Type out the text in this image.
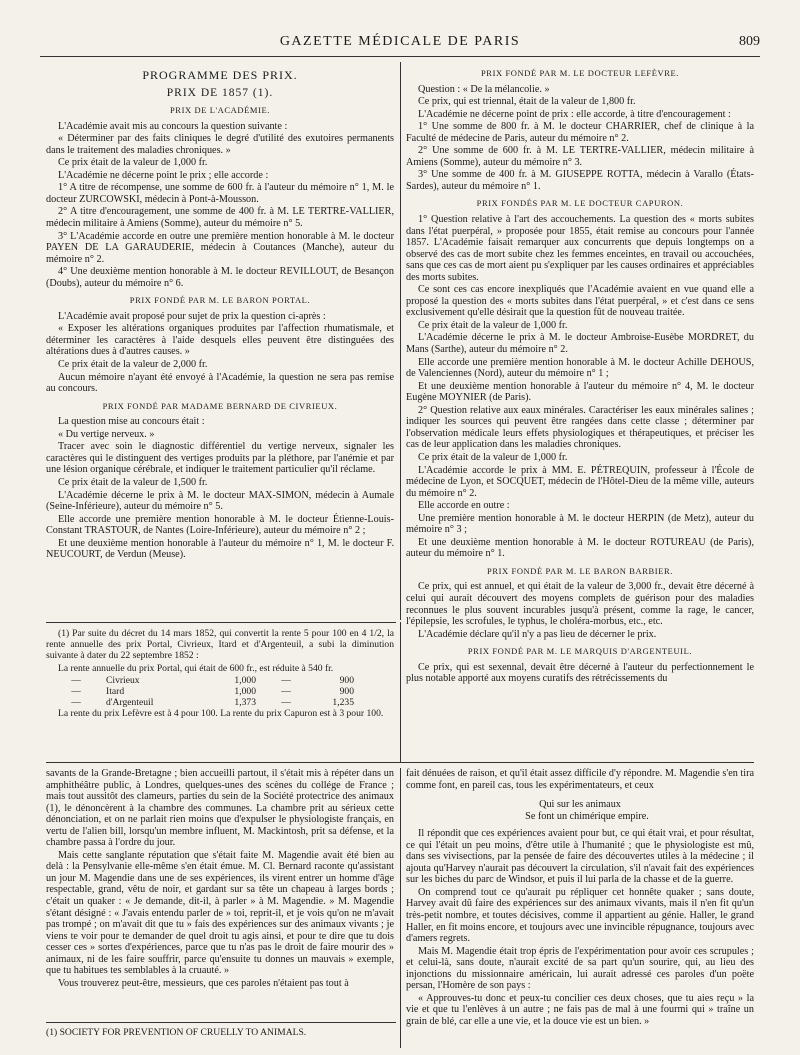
GAZETTE MÉDICALE DE PARIS	809
PROGRAMME DES PRIX.
PRIX DE 1857 (1).
PRIX DE L'ACADÉMIE.

L'Académie avait mis au concours la question suivante :

« Déterminer par des faits cliniques le degré d'utilité des exutoires permanents dans le traitement des maladies chroniques. »

Ce prix était de la valeur de 1,000 fr.

L'Académie ne décerne point le prix ; elle accorde :

1° A titre de récompense, une somme de 600 fr. à l'auteur du mémoire n° 1, M. le docteur ZURCOWSKI, médecin à Pont-à-Mousson.

2° A titre d'encouragement, une somme de 400 fr. à M. LE TERTRE-VALLIER, médecin militaire à Amiens (Somme), auteur du mémoire n° 5.

3° L'Académie accorde en outre une première mention honorable à M. le docteur PAYEN DE LA GARAUDERIE, médecin à Coutances (Manche), auteur du mémoire n° 2.

4° Une deuxième mention honorable à M. le docteur REVILLOUT, de Besançon (Doubs), auteur du mémoire n° 6.

PRIX FONDÉ PAR M. LE BARON PORTAL.

L'Académie avait proposé pour sujet de prix la question ci-après :

« Exposer les altérations organiques produites par l'affection rhumatismale, et déterminer les caractères à l'aide desquels elles peuvent être distinguées des altérations dues à d'autres causes. »

Ce prix était de la valeur de 2,000 fr.

Aucun mémoire n'ayant été envoyé à l'Académie, la question ne sera pas remise au concours.

PRIX FONDÉ PAR MADAME BERNARD DE CIVRIEUX.

La question mise au concours était :

« Du vertige nerveux. »

Tracer avec soin le diagnostic différentiel du vertige nerveux, signaler les caractères qui le distinguent des vertiges produits par la pléthore, par l'anémie et par une lésion organique cérébrale, et indiquer le traitement particulier qu'il réclame.

Ce prix était de la valeur de 1,500 fr.

L'Académie décerne le prix à M. le docteur MAX-SIMON, médecin à Aumale (Seine-Inférieure), auteur du mémoire n° 5.

Elle accorde une première mention honorable à M. le docteur Étienne-Louis-Constant TRASTOUR, de Nantes (Loire-Inférieure), auteur du mémoire n° 2 ;

Et une deuxième mention honorable à l'auteur du mémoire n° 1, M. le docteur F. NEUCOURT, de Verdun (Meuse).

(1) Par suite du décret du 14 mars 1852, qui convertit la rente 5 pour 100 en 4 1/2, la rente annuelle des prix Portal, Civrieux, Itard et d'Argenteuil, a subi la diminution suivante à dater du 22 septembre 1852 :

La rente annuelle du prix Portal, qui était de 600 fr., est réduite à 540 fr.

—	Civrieux	1,000	—	900
—	Itard	1,000	—	900
—	d'Argenteuil	1,373	—	1,235

La rente du prix Lefèvre est à 4 pour 100. La rente du prix Capuron est à 3 pour 100.

PRIX FONDÉ PAR M. LE DOCTEUR LEFÈVRE.

Question : « De la mélancolie. »

Ce prix, qui est triennal, était de la valeur de 1,800 fr.

L'Académie ne décerne point de prix : elle accorde, à titre d'encouragement :

1° Une somme de 800 fr. à M. le docteur CHARRIER, chef de clinique à la Faculté de médecine de Paris, auteur du mémoire n° 2.

2° Une somme de 600 fr. à M. LE TERTRE-VALLIER, médecin militaire à Amiens (Somme), auteur du mémoire n° 3.

3° Une somme de 400 fr. à M. GIUSEPPE ROTTA, médecin à Varallo (États-Sardes), auteur du mémoire n° 1.

PRIX FONDÉS PAR M. LE DOCTEUR CAPURON.

1° Question relative à l'art des accouchements. La question des « morts subites dans l'état puerpéral, » proposée pour 1855, était remise au concours pour l'année 1857. L'Académie faisait remarquer aux concurrents que depuis longtemps on a observé des cas de mort subite chez les femmes enceintes, en travail ou accouchées, sans que ces cas de mort aient pu s'expliquer par les causes ordinaires et appréciables des morts subites.

Ce sont ces cas encore inexpliqués que l'Académie avaient en vue quand elle a proposé la question des « morts subites dans l'état puerpéral, » et c'est dans ce sens exclusivement qu'elle désirait que la question fût de nouveau traitée.

Ce prix était de la valeur de 1,000 fr.

L'Académie décerne le prix à M. le docteur Ambroise-Eusèbe MORDRET, du Mans (Sarthe), auteur du mémoire n° 2.

Elle accorde une première mention honorable à M. le docteur Achille DEHOUS, de Valenciennes (Nord), auteur du mémoire n° 1 ;

Et une deuxième mention honorable à l'auteur du mémoire n° 4, M. le docteur Eugène MOYNIER (de Paris).

2° Question relative aux eaux minérales. Caractériser les eaux minérales salines ; indiquer les sources qui peuvent être rangées dans cette classe ; déterminer par l'observation médicale leurs effets physiologiques et thérapeutiques, et préciser les cas de leur application dans les maladies chroniques.

Ce prix était de la valeur de 1,000 fr.

L'Académie accorde le prix à MM. E. PÉTREQUIN, professeur à l'École de médecine de Lyon, et SOCQUET, médecin de l'Hôtel-Dieu de la même ville, auteurs du mémoire n° 2.

Elle accorde en outre :

Une première mention honorable à M. le docteur HERPIN (de Metz), auteur du mémoire n° 3 ;

Et une deuxième mention honorable à M. le docteur ROTUREAU (de Paris), auteur du mémoire n° 1.

PRIX FONDÉ PAR M. LE BARON BARBIER.

Ce prix, qui est annuel, et qui était de la valeur de 3,000 fr., devait être décerné à celui qui aurait découvert des moyens complets de guérison pour des maladies reconnues le plus souvent incurables jusqu'à présent, comme la rage, le cancer, l'épilepsie, les scrofules, le typhus, le choléra-morbus, etc., etc.

L'Académie déclare qu'il n'y a pas lieu de décerner le prix.

PRIX FONDÉ PAR M. LE MARQUIS D'ARGENTEUIL.

Ce prix, qui est sexennal, devait être décerné à l'auteur du perfectionnement le plus notable apporté aux moyens curatifs des rétrécissements du

savants de la Grande-Bretagne ; bien accueilli partout, il s'était mis à répéter dans un amphithéâtre public, à Londres, quelques-unes des scènes du collége de France ; mais tout aussitôt des clameurs, parties du sein de la Société protectrice des animaux (1), le dénoncèrent à la chambre des communes. La chambre prit au sérieux cette dénonciation, et on ne parlait rien moins que d'expulser le physiologiste français, en vertu de l'alien bill, lorsqu'un membre influent, M. Mackintosh, prit sa défense, et la chambre passa à l'ordre du jour.

Mais cette sanglante réputation que s'était faite M. Magendie avait été bien au delà : la Pensylvanie elle-même s'en était émue. M. Cl. Bernard raconte qu'assistant un jour M. Magendie dans une de ses expériences, ils virent entrer un homme d'âge respectable, grand, vêtu de noir, et gardant sur sa tête un chapeau à larges bords ; c'était un quaker : « Je demande, dit-il, à parler » à M. Magendie. » M. Magendie s'étant désigné : « J'avais entendu parler de » toi, reprit-il, et je vois qu'on ne m'avait pas trompé ; on m'avait dit que tu » fais des expériences sur des animaux vivants ; je viens te voir pour te demander de quel droit tu agis ainsi, et pour te dire que tu dois cesser ces » sortes d'expériences, parce que tu n'as pas le droit de faire mourir des » animaux, ni de les faire souffrir, parce qu'ensuite tu donnes un mauvais » exemple, que tu habitues tes semblables à la cruauté. »

Vous trouverez peut-être, messieurs, que ces paroles n'étaient pas tout à

(1) SOCIETY FOR PREVENTION OF CRUELLY TO ANIMALS.

fait dénuées de raison, et qu'il était assez difficile d'y répondre. M. Magendie s'en tira comme font, en pareil cas, tous les expérimentateurs, et ceux

Qui sur les animaux
Se font un chimérique empire.

Il répondit que ces expériences avaient pour but, ce qui était vrai, et pour résultat, ce qui l'était un peu moins, d'être utile à l'humanité ; que le physiologiste est mû, dans ses vivisections, par la pensée de faire des découvertes utiles à la médecine ; il ajouta qu'Harvey n'aurait pas découvert la circulation, s'il n'avait fait des expériences sur les biches du parc de Windsor, et puis il lui parla de la chasse et de la guerre.

On comprend tout ce qu'aurait pu répliquer cet honnête quaker ; sans doute, Harvey avait dû faire des expériences sur des animaux vivants, mais il n'en fit qu'un très-petit nombre, et toutes décisives, comme il appartient au génie. Haller, le grand Haller, en fit moins encore, et toujours avec une invincible répugnance, toujours avec d'amers regrets.

Mais M. Magendie était trop épris de l'expérimentation pour avoir ces scrupules ; et celui-là, sans doute, n'aurait excité de sa part qu'un sourire, qui, au lieu des injonctions du missionnaire américain, lui aurait adressé ces paroles d'un poëte persan, l'Homère de son pays :

« Approuves-tu donc et peux-tu concilier ces deux choses, que tu aies reçu » la vie et que tu l'enlèves à un autre ; ne fais pas de mal à une fourmi qui » traîne un grain de blé, car elle a une vie, et la douce vie est un bien. »
